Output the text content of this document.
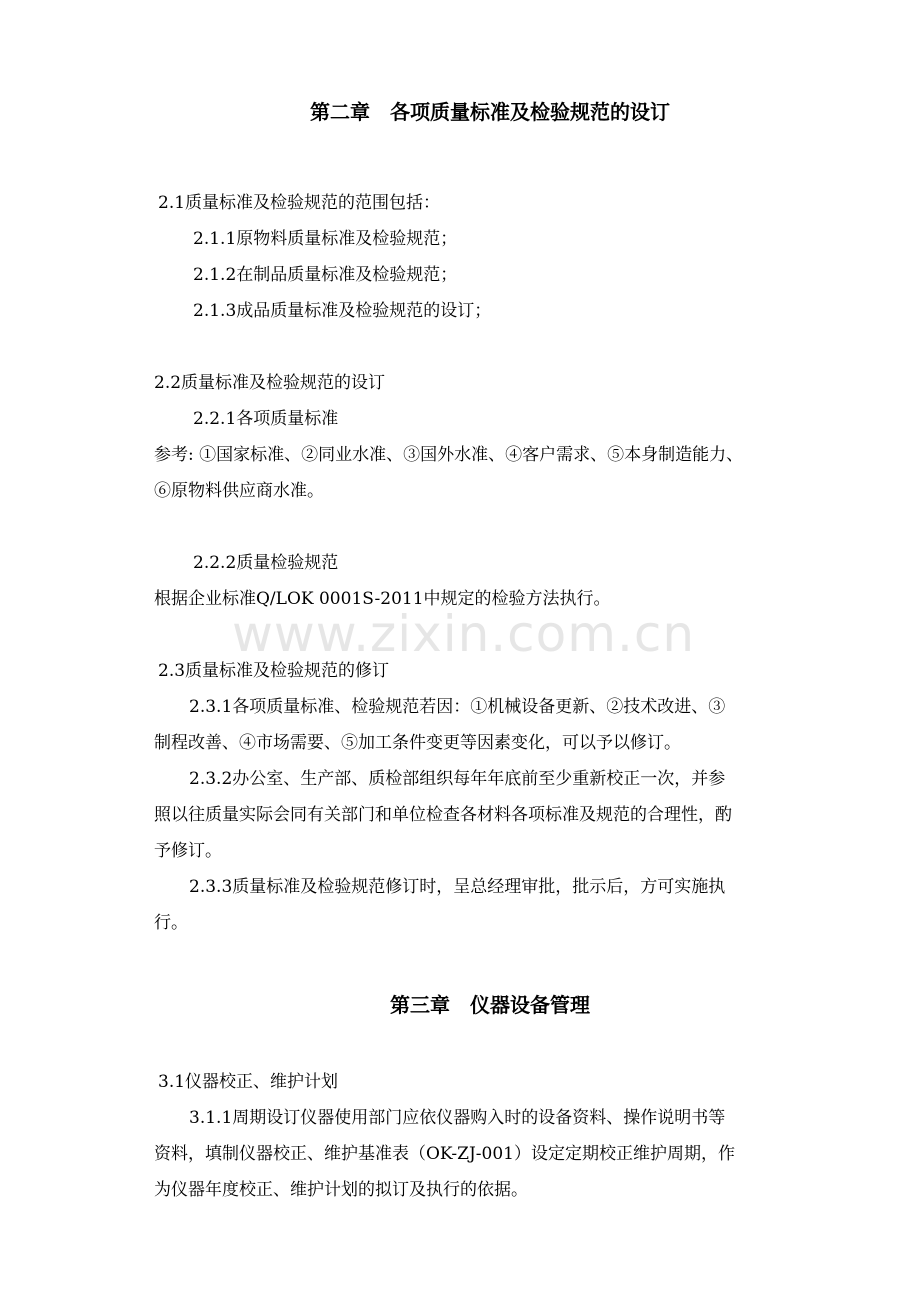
www.zixin.com.cn
第二章　各项质量标准及检验规范的设订
2.1质量标准及检验规范的范围包括：
2.1.1原物料质量标准及检验规范；
2.1.2在制品质量标准及检验规范；
2.1.3成品质量标准及检验规范的设订；
2.2质量标准及检验规范的设订
2.2.1各项质量标准
参考: ①国家标准、②同业水准、③国外水准、④客户需求、⑤本身制造能力、
⑥原物料供应商水准。
2.2.2质量检验规范
根据企业标准Q/LOK 0001S-2011中规定的检验方法执行。
2.3质量标准及检验规范的修订
2.3.1各项质量标准、检验规范若因：①机械设备更新、②技术改进、③
制程改善、④市场需要、⑤加工条件变更等因素变化，可以予以修订。
2.3.2办公室、生产部、质检部组织每年年底前至少重新校正一次，并参
照以往质量实际会同有关部门和单位检查各材料各项标准及规范的合理性，酌
予修订。
2.3.3质量标准及检验规范修订时，呈总经理审批，批示后，方可实施执
行。
第三章　仪器设备管理
3.1仪器校正、维护计划
3.1.1周期设订仪器使用部门应依仪器购入时的设备资料、操作说明书等
资料，填制仪器校正、维护基准表（OK-ZJ-001）设定定期校正维护周期，作
为仪器年度校正、维护计划的拟订及执行的依据。
